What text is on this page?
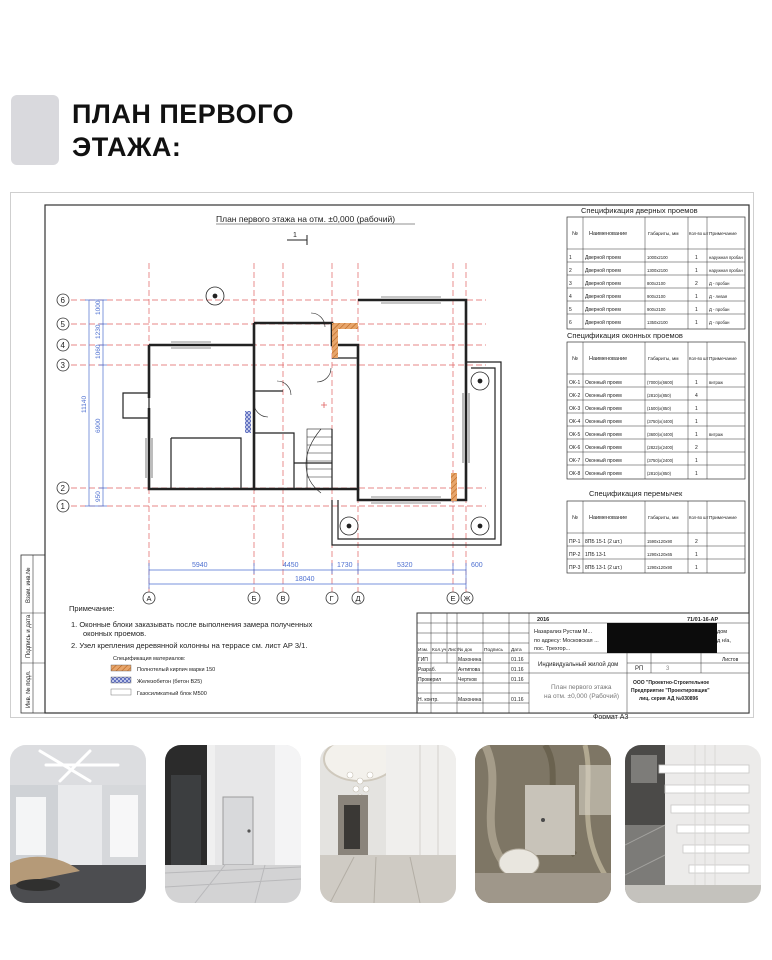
ПЛАН ПЕРВОГО
ЭТАЖА:
Взам. инв.№
Подпись и дата
Инв. № подл.
План первого этажа на отм. ±0,000 (рабочий)
1
6
5
4
3
2
1
1000
1230
1060
6900
950
11140
5940	4450	1730	5320	600
18040
А	Б	В	Г	Д	Е Ж
Примечание:
1. Оконные блоки заказывать после выполнения замера полученных
оконных проемов.
2. Узел крепления деревянной колонны на террасе см. лист АР 3/1.
Спецификация материалов:
Полнотелый кирпич марки 150
Железобетон (бетон В25)
Газосиликатный блок М500
Спецификация дверных проемов
№ Наименование	Габариты, мм Кол-во шт Примечание
1	Дверной проем	1000х2100	1	наружная пробан
2	Дверной проем	1300х2100	1	наружная пробан
3	Дверной проем	800х2100	2	Д - пробан
4	Дверной проем	900х2100	1	Д - левая
5	Дверной проем	900х2100	1	Д - пробан
6	Дверной проем	1350х2100	1	Д - пробан
Спецификация оконных проемов
№ Наименование	Габариты, мм Кол-во шт Примечание
ОК-1 Оконный проем	(7000)х(6600)	1	витраж
ОК-2 Оконный проем	(2810)х(850)	4
ОК-3 Оконный проем	(1500)х(850)	1
ОК-4 Оконный проем	(3750)х(4400)	1
ОК-5 Оконный проем	(3600)х(4400)	1	витраж
ОК-6 Оконный проем	(2822)х(2400)	2
ОК-7 Оконный проем	(3750)х(2400)	1
ОК-8 Оконный проем	(2810)х(850)	1
Спецификация перемычек
№ Наименование	Габариты, мм Кол-во шт Примечание
ПР-1 8ПБ 15-1 (2 шт.)	1590х120х90	2
ПР-2 1ПБ 13-1	1290х120х65	1
ПР-3 8ПБ 13-1 (2 шт.)	1290х120х90	1
Изм. Кол.уч Лист № док Подпись Дата
ГИП	Махонина	01.16
Разраб.	Антипова	01.16
Проверил	Чертков	01.16
Н. контр.	Махонина	01.16
2016	71/01-16-АР
Назарализ Рустам М...
по адресу: Московская ...
пос. Трехгор...
дом
д н/а,
Индивидуальный жилой дом
Листов
РП	3
План первого этажа
на отм. ±0,000 (Рабочий)
ООО "Проектно-Строительное
Предприятие "Проектировщик"
лиц. серия АД №030896
Формат А3
